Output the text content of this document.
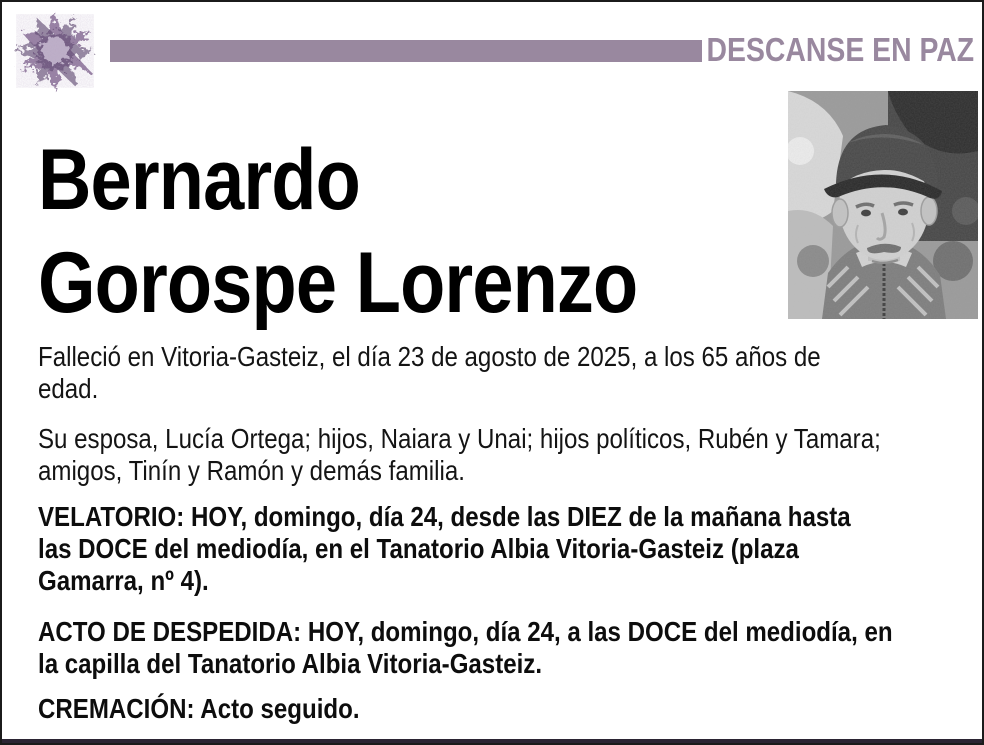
DESCANSE EN PAZ
Bernardo
Gorospe Lorenzo
Falleció en Vitoria-Gasteiz, el día 23 de agosto de 2025, a los 65 años de
edad.
Su esposa, Lucía Ortega; hijos, Naiara y Unai; hijos políticos, Rubén y Tamara;
amigos, Tinín y Ramón y demás familia.
VELATORIO: HOY, domingo, día 24, desde las DIEZ de la mañana hasta
las DOCE del mediodía, en el Tanatorio Albia Vitoria-Gasteiz (plaza
Gamarra, nº 4).
ACTO DE DESPEDIDA: HOY, domingo, día 24, a las DOCE del mediodía, en
la capilla del Tanatorio Albia Vitoria-Gasteiz.
CREMACIÓN: Acto seguido.
